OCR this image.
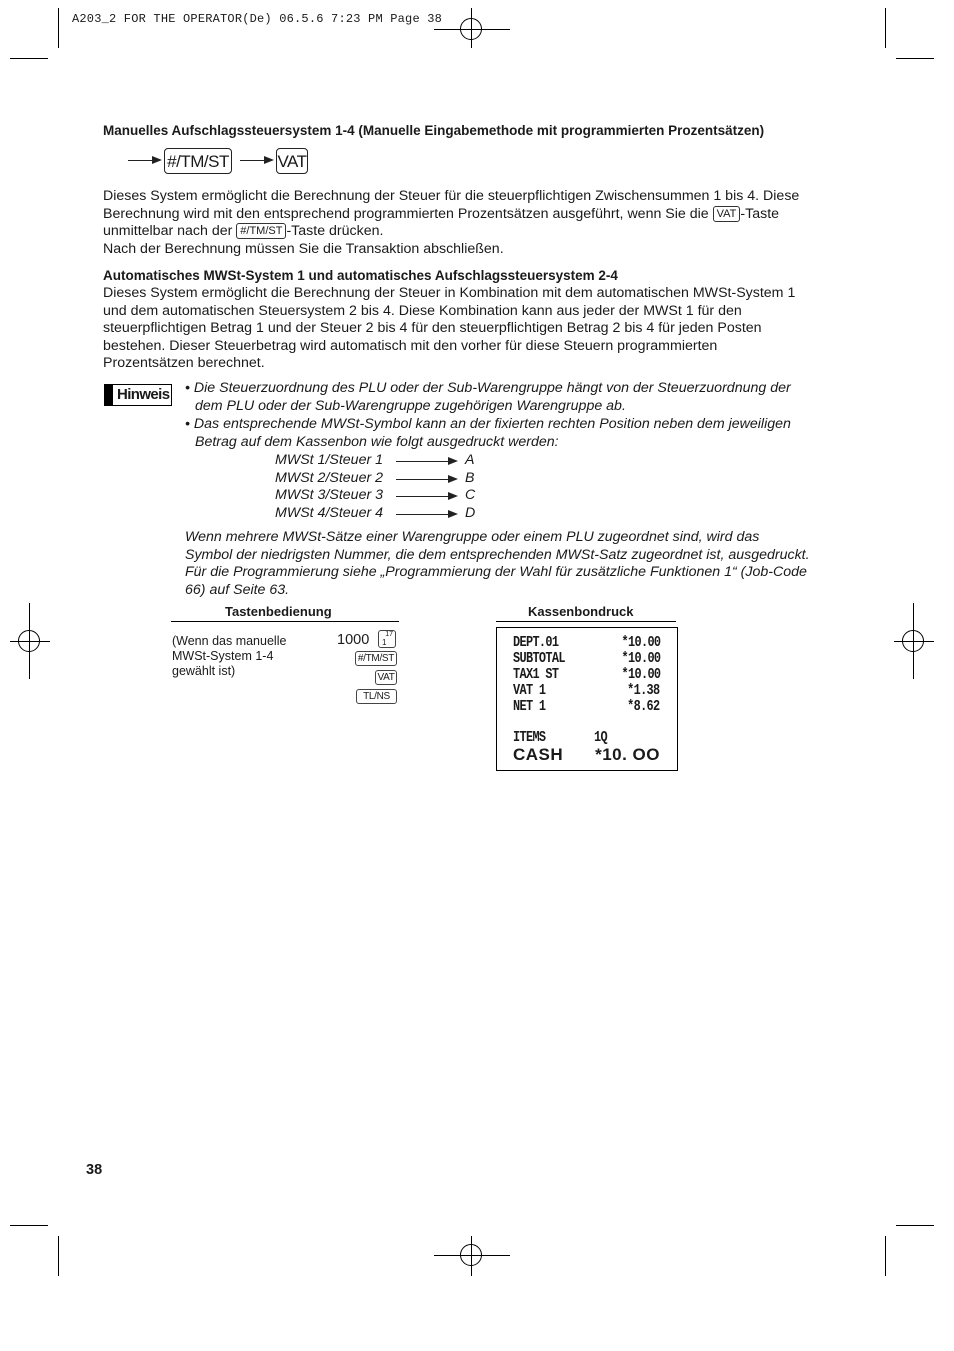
A203_2 FOR THE OPERATOR(De) 06.5.6 7:23 PM Page 38
Manuelles Aufschlagssteuersystem 1-4 (Manuelle Eingabemethode mit programmierten Prozentsätzen)
#/TM/ST	VAT
Dieses System ermöglicht die Berechnung der Steuer für die steuerpflichtigen Zwischensummen 1 bis 4. Diese
Berechnung wird mit den entsprechend programmierten Prozentsätzen ausgeführt, wenn Sie die VAT -Taste
unmittelbar nach der #/TM/ST -Taste drücken.
Nach der Berechnung müssen Sie die Transaktion abschließen.
Automatisches MWSt-System 1 und automatisches Aufschlagssteuersystem 2-4
Dieses System ermöglicht die Berechnung der Steuer in Kombination mit dem automatischen MWSt-System 1
und dem automatischen Steuersystem 2 bis 4. Diese Kombination kann aus jeder der MWSt 1 für den
steuerpflichtigen Betrag 1 und der Steuer 2 bis 4 für den steuerpflichtigen Betrag 2 bis 4 für jeden Posten
bestehen. Dieser Steuerbetrag wird automatisch mit den vorher für diese Steuern programmierten
Prozentsätzen berechnet.
Hinweis • Die Steuerzuordnung des PLU oder der Sub-Warengruppe hängt von der Steuerzuordnung der
dem PLU oder der Sub-Warengruppe zugehörigen Warengruppe ab.
• Das entsprechende MWSt-Symbol kann an der fixierten rechten Position neben dem jeweiligen
Betrag auf dem Kassenbon wie folgt ausgedruckt werden:
MWSt 1/Steuer 1	A
MWSt 2/Steuer 2	B
MWSt 3/Steuer 3	C
MWSt 4/Steuer 4	D
Wenn mehrere MWSt-Sätze einer Warengruppe oder einem PLU zugeordnet sind, wird das
Symbol der niedrigsten Nummer, die dem entsprechenden MWSt-Satz zugeordnet ist, ausgedruckt.
Für die Programmierung siehe „Programmierung der Wahl für zusätzliche Funktionen 1“ (Job-Code
66) auf Seite 63.
Tastenbedienung
(Wenn das manuelle
MWSt-System 1-4
gewählt ist)
1000 17
1
#/TM/ST
VAT
TL/NS
Kassenbondruck
DEPT.01	*10.00
SUBTOTAL	*10.00
TAX1 ST	*10.00
VAT 1	*1.38
NET 1	*8.62
ITEMS	1Q
CASH *10. OO
38
